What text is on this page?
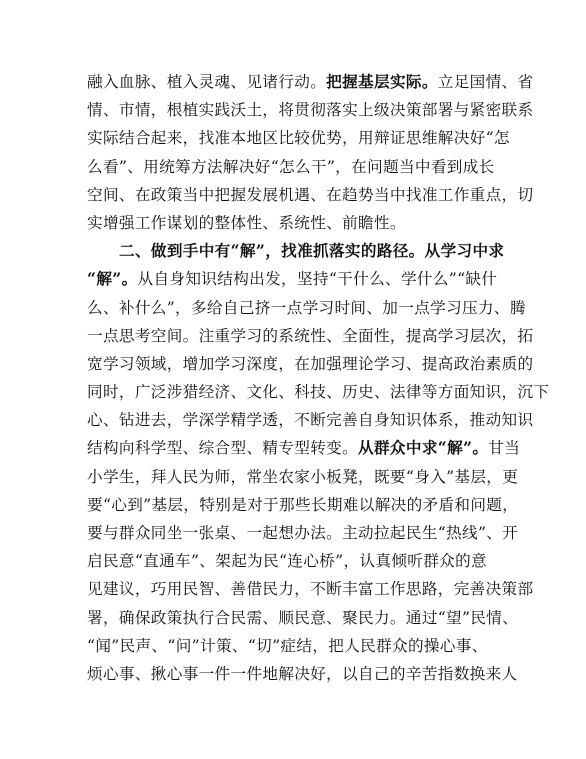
融入血脉、植入灵魂、见诸行动。把握基层实际。立足国情、省
情、市情，根植实践沃土，将贯彻落实上级决策部署与紧密联系
实际结合起来，找准本地区比较优势，用辩证思维解决好“怎
么看”、用统筹方法解决好“怎么干”，在问题当中看到成长
空间、在政策当中把握发展机遇、在趋势当中找准工作重点，切
实增强工作谋划的整体性、系统性、前瞻性。
二、做到手中有“解”，找准抓落实的路径。从学习中求
“解”。从自身知识结构出发，坚持“干什么、学什么”“缺什
么、补什么”，多给自己挤一点学习时间、加一点学习压力、腾
一点思考空间。注重学习的系统性、全面性，提高学习层次，拓
宽学习领域，增加学习深度，在加强理论学习、提高政治素质的
同时，广泛涉猎经济、文化、科技、历史、法律等方面知识，沉下
心、钻进去，学深学精学透，不断完善自身知识体系，推动知识
结构向科学型、综合型、精专型转变。从群众中求“解”。甘当
小学生，拜人民为师，常坐农家小板凳，既要“身入”基层，更
要“心到”基层，特别是对于那些长期难以解决的矛盾和问题，
要与群众同坐一张桌、一起想办法。主动拉起民生“热线”、开
启民意“直通车”、架起为民“连心桥”，认真倾听群众的意
见建议，巧用民智、善借民力，不断丰富工作思路，完善决策部
署，确保政策执行合民需、顺民意、聚民力。通过“望”民情、
“闻”民声、“问”计策、“切”症结，把人民群众的操心事、
烦心事、揪心事一件一件地解决好，以自己的辛苦指数换来人
